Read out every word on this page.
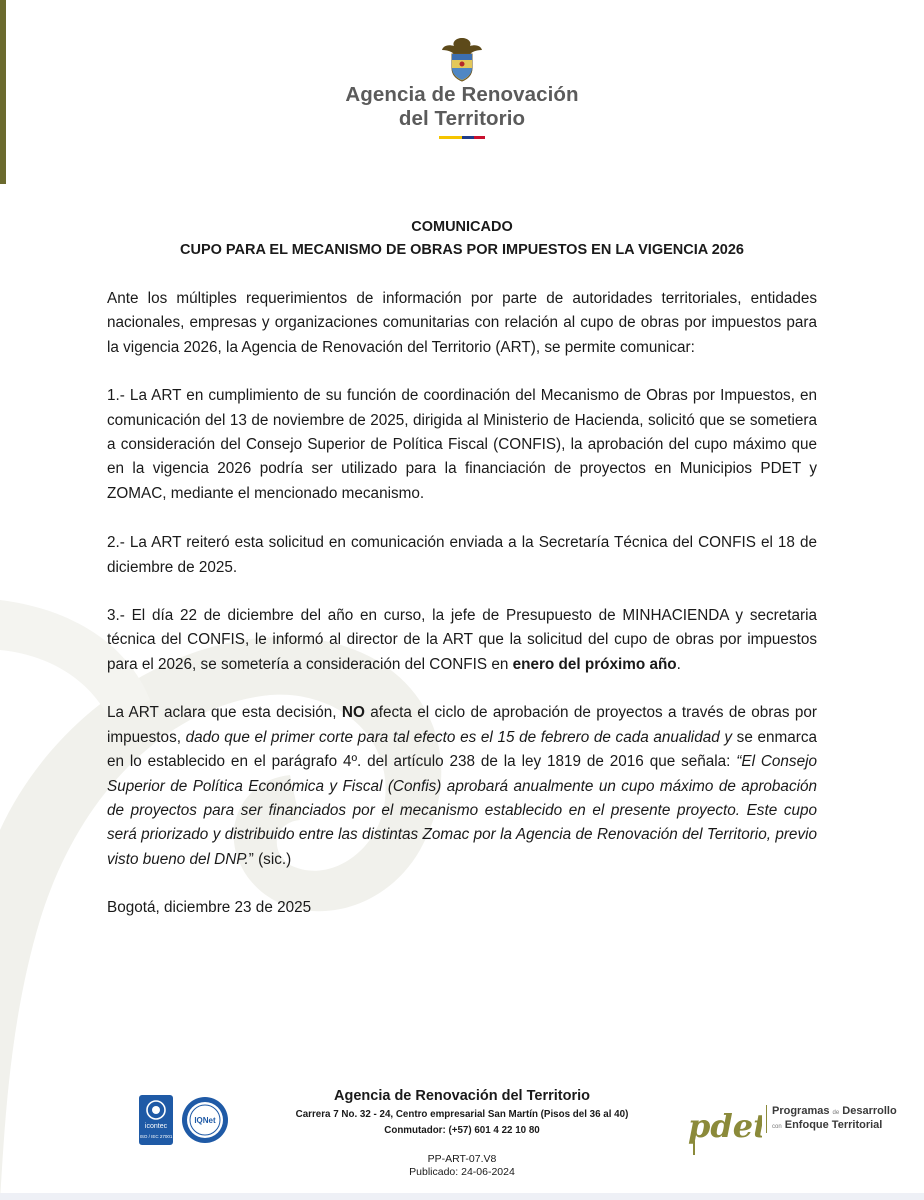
Agencia de Renovación
del Territorio
COMUNICADO
CUPO PARA EL MECANISMO DE OBRAS POR IMPUESTOS EN LA VIGENCIA 2026

Ante los múltiples requerimientos de información por parte de autoridades territoriales, entidades nacionales, empresas y organizaciones comunitarias con relación al cupo de obras por impuestos para la vigencia 2026, la Agencia de Renovación del Territorio (ART), se permite comunicar:

1.- La ART en cumplimiento de su función de coordinación del Mecanismo de Obras por Impuestos, en comunicación del 13 de noviembre de 2025, dirigida al Ministerio de Hacienda, solicitó que se sometiera a consideración del Consejo Superior de Política Fiscal (CONFIS), la aprobación del cupo máximo que en la vigencia 2026 podría ser utilizado para la financiación de proyectos en Municipios PDET y ZOMAC, mediante el mencionado mecanismo.

2.- La ART reiteró esta solicitud en comunicación enviada a la Secretaría Técnica del CONFIS el 18 de diciembre de 2025.

3.- El día 22 de diciembre del año en curso, la jefe de Presupuesto de MINHACIENDA y secretaria técnica del CONFIS, le informó al director de la ART que la solicitud del cupo de obras por impuestos para el 2026, se sometería a consideración del CONFIS en enero del próximo año.

La ART aclara que esta decisión, NO afecta el ciclo de aprobación de proyectos a través de obras por impuestos, dado que el primer corte para tal efecto es el 15 de febrero de cada anualidad y se enmarca en lo establecido en el parágrafo 4º. del artículo 238 de la ley 1819 de 2016 que señala: “El Consejo Superior de Política Económica y Fiscal (Confis) aprobará anualmente un cupo máximo de aprobación de proyectos para ser financiados por el mecanismo establecido en el presente proyecto. Este cupo será priorizado y distribuido entre las distintas Zomac por la Agencia de Renovación del Territorio, previo visto bueno del DNP.” (sic.)

Bogotá, diciembre 23 de 2025

icontec
ISO / IEC 27001
IQNet
Agencia de Renovación del Territorio
Carrera 7 No. 32 - 24, Centro empresarial San Martín (Pisos del 36 al 40)
Conmutador: (+57) 601 4 22 10 80
PP-ART-07.V8
Publicado: 24-06-2024
pdet Programas de Desarrollo
con Enfoque Territorial
